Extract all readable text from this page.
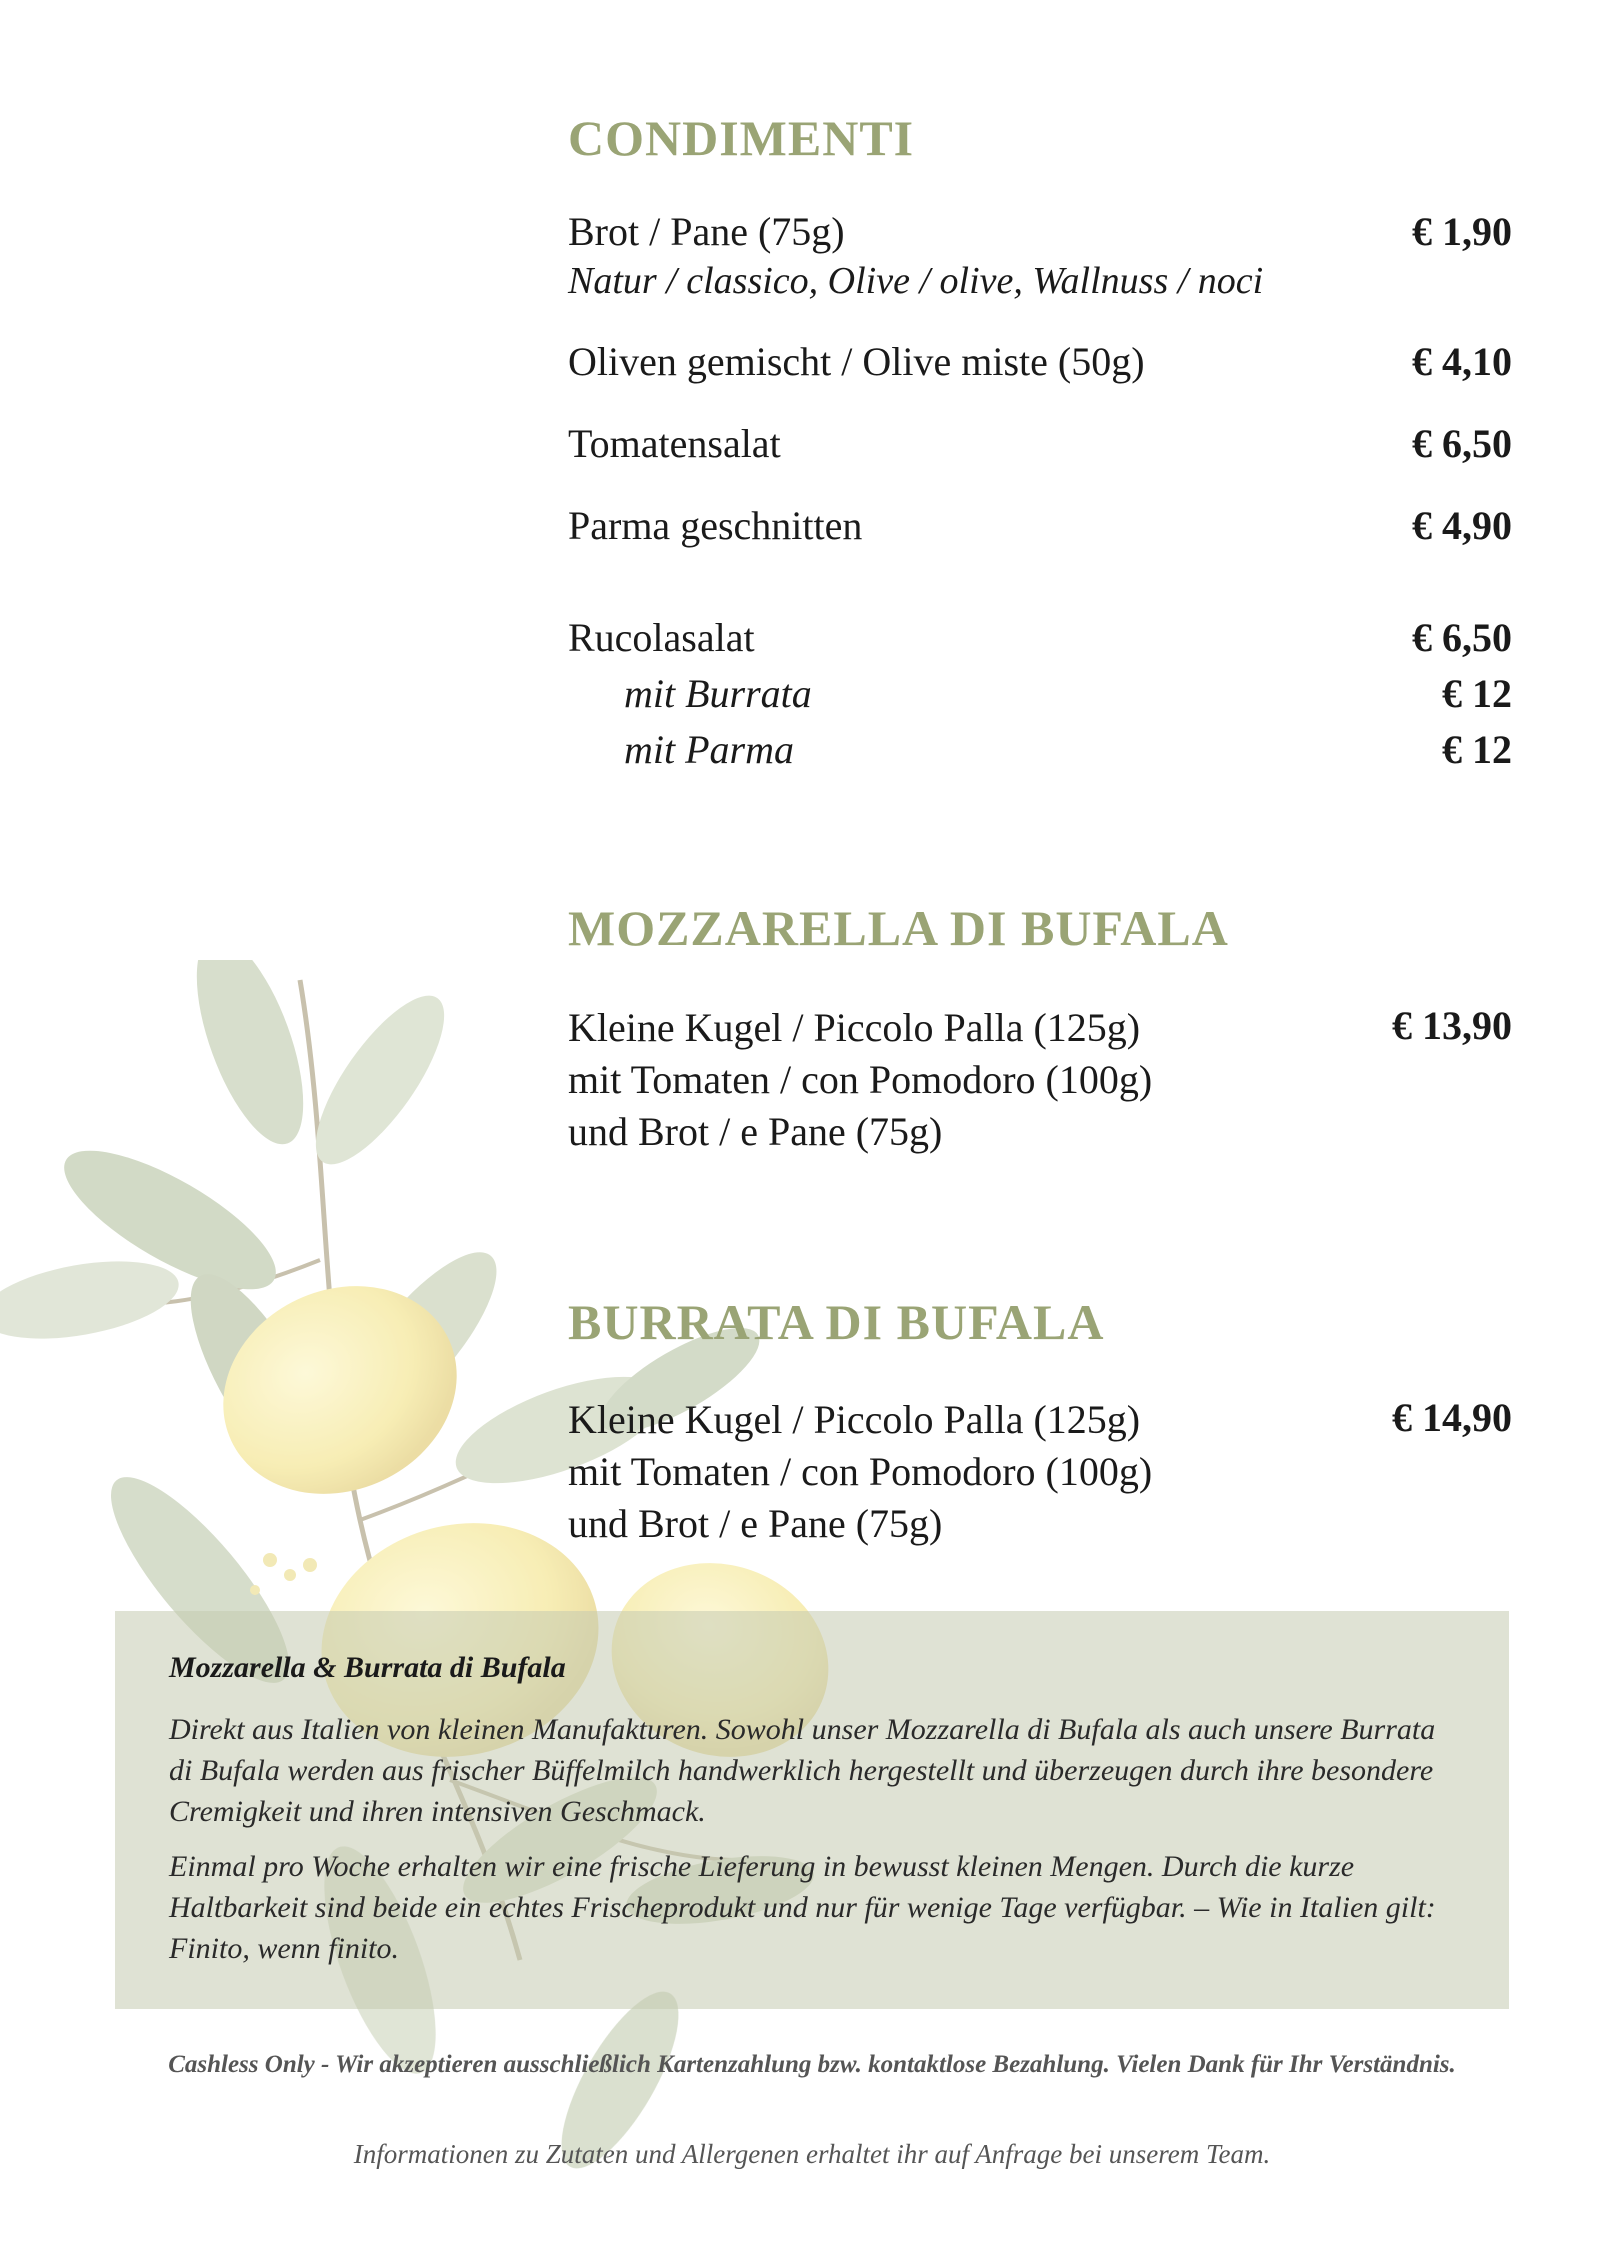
CONDIMENTI
Brot / Pane (75g)	€ 1,90
Natur / classico, Olive / olive, Wallnuss / noci
Oliven gemischt / Olive miste (50g)	€ 4,10
Tomatensalat	€ 6,50
Parma geschnitten	€ 4,90
Rucolasalat	€ 6,50
mit Burrata	€ 12
mit Parma	€ 12
MOZZARELLA DI BUFALA
Kleine Kugel / Piccolo Palla (125g)
mit Tomaten / con Pomodoro (100g)
und Brot / e Pane (75g)
€ 13,90
BURRATA DI BUFALA
Kleine Kugel / Piccolo Palla (125g)
mit Tomaten / con Pomodoro (100g)
und Brot / e Pane (75g)
€ 14,90
Mozzarella & Burrata di Bufala

Direkt aus Italien von kleinen Manufakturen. Sowohl unser Mozzarella di Bufala als auch unsere Burrata di Bufala werden aus frischer Büffelmilch handwerklich hergestellt und überzeugen durch ihre besondere Cremigkeit und ihren intensiven Geschmack.

Einmal pro Woche erhalten wir eine frische Lieferung in bewusst kleinen Mengen. Durch die kurze Haltbarkeit sind beide ein echtes Frischeprodukt und nur für wenige Tage verfügbar. – Wie in Italien gilt: Finito, wenn finito.

Cashless Only - Wir akzeptieren ausschließlich Kartenzahlung bzw. kontaktlose Bezahlung. Vielen Dank für Ihr Verständnis.
Informationen zu Zutaten und Allergenen erhaltet ihr auf Anfrage bei unserem Team.
